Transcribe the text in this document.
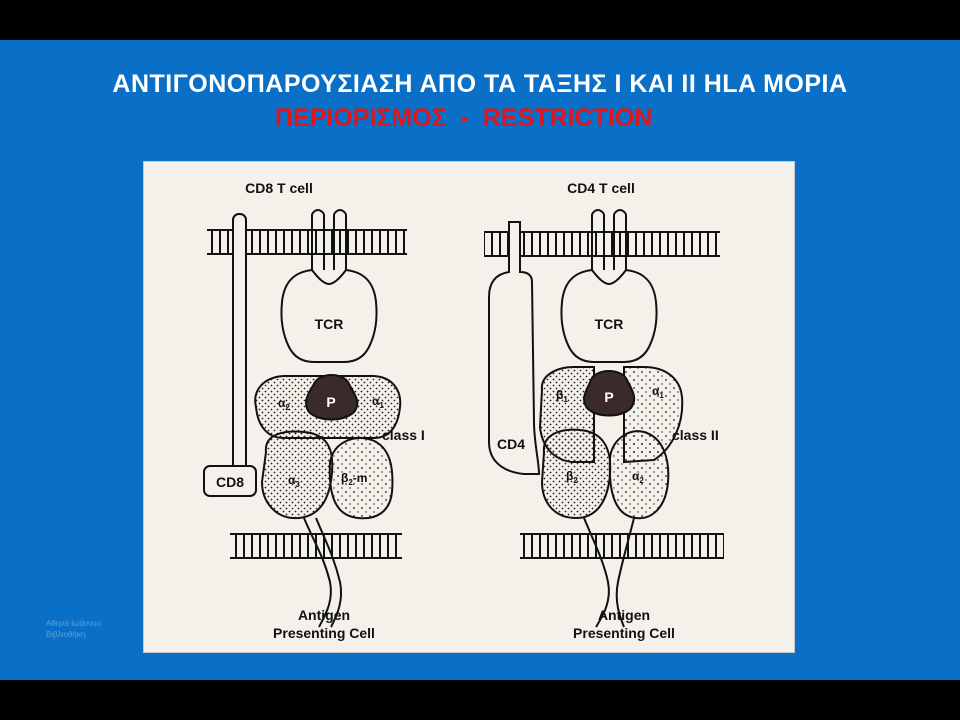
ΑΝΤΙΓΟΝΟΠΑΡΟΥΣΙΑΣΗ ΑΠΟ ΤΑ ΤΑΞΗΣ Ι ΚΑΙ ΙΙ HLA ΜΟΡΙΑ
ΠΕΡΙΟΡΙΣΜΟΣ  -  RESTRICTION
CD8 T cell
CD8
TCR
P
$\alpha_2$	$\alpha_1$
class I
$\alpha_3$	$\beta_2-m$
Antigen
Presenting Cell
CD4 T cell
CD4
TCR
P
$\beta_1$
$\alpha_1$
class II
$\beta_2$	$\alpha_2$
Antigen
Presenting Cell
Αθηνά Ιωάννου
Βιβλιοθήκη
